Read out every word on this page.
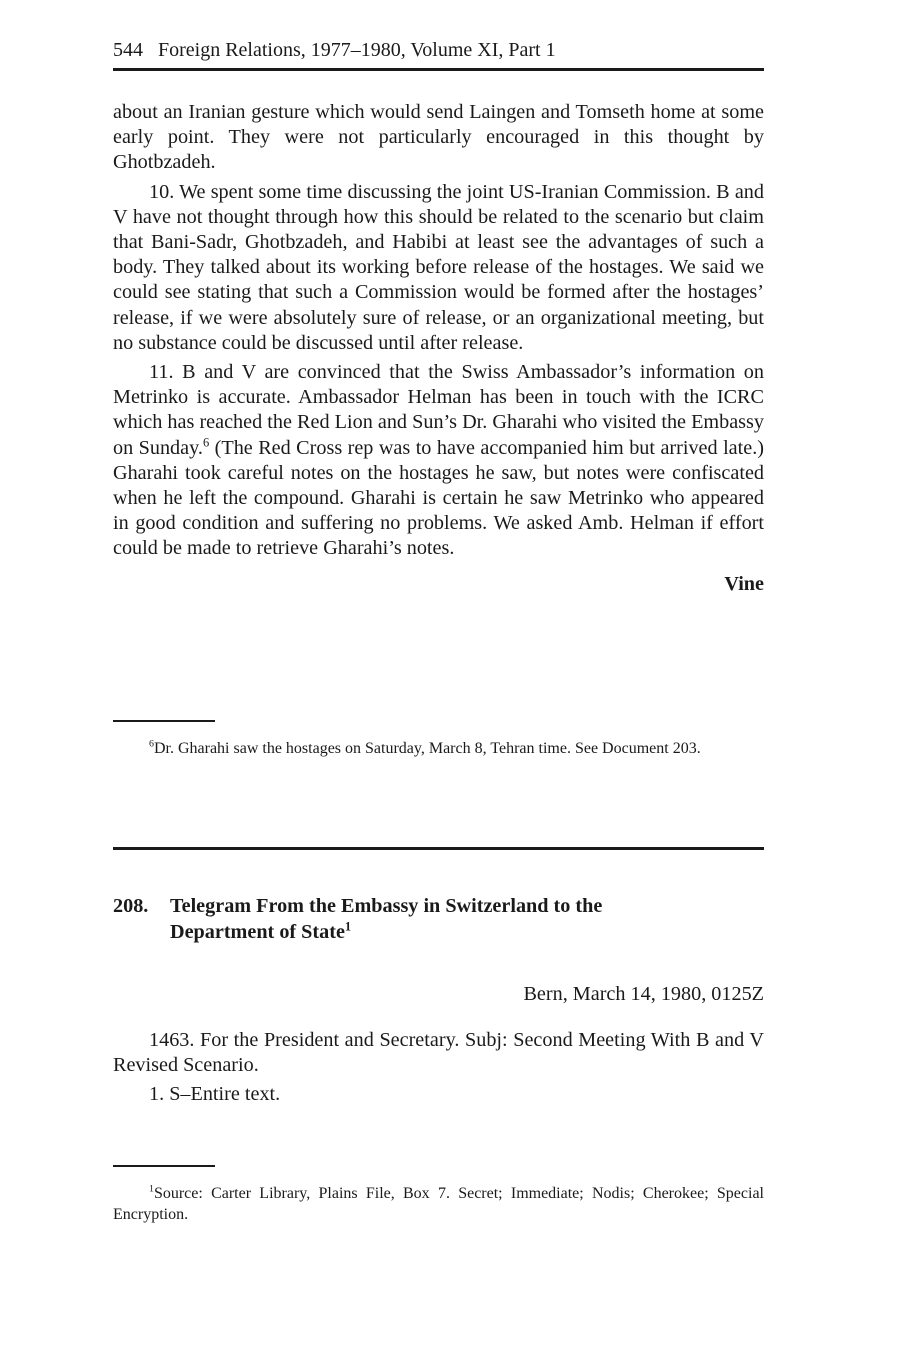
544 Foreign Relations, 1977–1980, Volume XI, Part 1

about an Iranian gesture which would send Laingen and Tomseth home at some early point. They were not particularly encouraged in this thought by Ghotbzadeh.

10. We spent some time discussing the joint US-Iranian Commission. B and V have not thought through how this should be related to the scenario but claim that Bani-Sadr, Ghotbzadeh, and Habibi at least see the advantages of such a body. They talked about its working before release of the hostages. We said we could see stating that such a Commission would be formed after the hostages’ release, if we were absolutely sure of release, or an organizational meeting, but no substance could be discussed until after release.

11. B and V are convinced that the Swiss Ambassador’s information on Metrinko is accurate. Ambassador Helman has been in touch with the ICRC which has reached the Red Lion and Sun’s Dr. Gharahi who visited the Embassy on Sunday.$^6$ (The Red Cross rep was to have accompanied him but arrived late.) Gharahi took careful notes on the hostages he saw, but notes were confiscated when he left the compound. Gharahi is certain he saw Metrinko who appeared in good condition and suffering no problems. We asked Amb. Helman if effort could be made to retrieve Gharahi’s notes.

Vine

$^6$Dr. Gharahi saw the hostages on Saturday, March 8, Tehran time. See Document 203.
208. Telegram From the Embassy in Switzerland to the Department of State$^1$
Bern, March 14, 1980, 0125Z

1463. For the President and Secretary. Subj: Second Meeting With B and V Revised Scenario.

1. S–Entire text.

$^1$Source: Carter Library, Plains File, Box 7. Secret; Immediate; Nodis; Cherokee; Special Encryption.
